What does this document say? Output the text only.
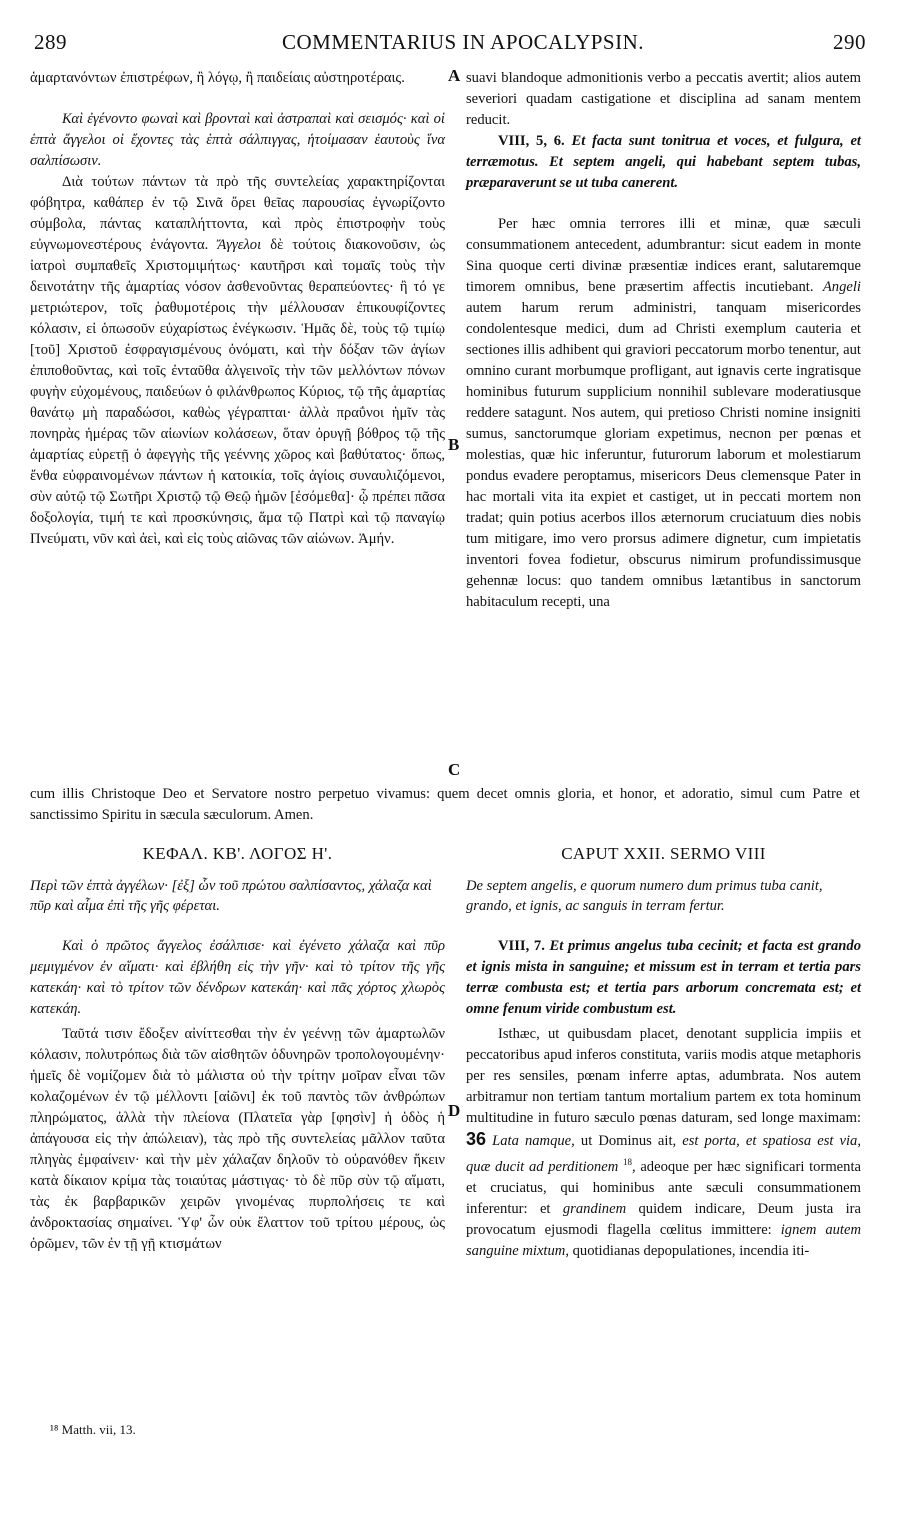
289	COMMENTARIUS IN APOCALYPSIN.	290

ἁμαρτανόντων ἐπιστρέφων, ἢ λόγῳ, ἢ παιδείαις αὐστηροτέραις.

Καὶ ἐγένοντο φωναὶ καὶ βρονταὶ καὶ ἀστραπαὶ καὶ σεισμός· καὶ οἱ ἑπτὰ ἄγγελοι οἱ ἔχοντες τὰς ἑπτὰ σάλπιγγας, ἡτοίμασαν ἑαυτοὺς ἵνα σαλπίσωσιν.

Διὰ τούτων πάντων τὰ πρὸ τῆς συντελείας χαρακτηρίζονται φόβητρα, καθάπερ ἐν τῷ Σινᾶ ὄρει θεῖας παρουσίας ἐγνωρίζοντο σύμβολα, πάντας καταπλήττοντα, καὶ πρὸς ἐπιστροφὴν τοὺς εὐγνωμονεστέρους ἐνάγοντα. Ἄγγελοι δὲ τούτοις διακονοῦσιν, ὡς ἰατροὶ συμπαθεῖς Χριστομιμήτως· καυτῆρσι καὶ τομαῖς τοὺς τὴν δεινοτάτην τῆς ἁμαρτίας νόσον ἀσθενοῦντας θεραπεύοντες· ἢ τό γε μετριώτερον, τοῖς ῥαθυμοτέροις τὴν μέλλουσαν ἐπικουφίζοντες κόλασιν, εἰ ὁπωσοῦν εὐχαρίστως ἐνέγκωσιν. Ἡμᾶς δὲ, τοὺς τῷ τιμίῳ [τοῦ] Χριστοῦ ἐσφραγισμένους ὀνόματι, καὶ τὴν δόξαν τῶν ἁγίων ἐπιποθοῦντας, καὶ τοῖς ἐνταῦθα ἀλγεινοῖς τὴν τῶν μελλόντων πόνων φυγὴν εὐχομένους, παιδεύων ὁ φιλάνθρωπος Κύριος, τῷ τῆς ἁμαρτίας θανάτῳ μὴ παραδώσοι, καθὼς γέγραπται· ἀλλὰ πραΰνοι ἡμῖν τὰς πονηρὰς ἡμέρας τῶν αἰωνίων κολάσεων, ὅταν ὀρυγῇ βόθρος τῷ τῆς ἁμαρτίας εὑρετῇ ὁ ἀφεγγὴς τῆς γεέννης χῶρος καὶ βαθύτατος· ὅπως, ἔνθα εὐφραινομένων πάντων ἡ κατοικία, τοῖς ἁγίοις συναυλιζόμενοι, σὺν αὐτῷ τῷ Σωτῆρι Χριστῷ τῷ Θεῷ ἡμῶν [ἐσόμεθα]· ᾧ πρέπει πᾶσα δοξολογία, τιμή τε καὶ προσκύνησις, ἅμα τῷ Πατρὶ καὶ τῷ παναγίῳ Πνεύματι, νῦν καὶ ἀεὶ, καὶ εἰς τοὺς αἰῶνας τῶν αἰώνων. Ἀμήν.

suavi blandoque admonitionis verbo a peccatis avertit; alios autem severiori quadam castigatione et disciplina ad sanam mentem reducit.

VIII, 5, 6. Et facta sunt tonitrua et voces, et fulgura, et terræmotus. Et septem angeli, qui habebant septem tubas, præparaverunt se ut tuba canerent.

Per hæc omnia terrores illi et minæ, quæ sæculi consummationem antecedent, adumbrantur: sicut eadem in monte Sina quoque certi divinæ præsentiæ indices erant, salutaremque timorem omnibus, bene præsertim affectis incutiebant. Angeli autem harum rerum administri, tanquam misericordes condolentesque medici, dum ad Christi exemplum cauteria et sectiones illis adhibent qui graviori peccatorum morbo tenentur, aut omnino curant morbumque profligant, aut ignavis certe ingratisque hominibus futurum supplicium nonnihil sublevare moderatiusque reddere satagunt. Nos autem, qui pretioso Christi nomine insigniti sumus, sanctorumque gloriam expetimus, necnon per pœnas et molestias, quæ hic inferuntur, futurorum laborum et molestiarum pondus evadere peroptamus, misericors Deus clemensque Pater in hac mortali vita ita expiet et castiget, ut in peccati mortem non tradat; quin potius acerbos illos æternorum cruciatuum dies nobis tum mitigare, imo vero prorsus adimere dignetur, cum impietatis inventori fovea fodietur, obscurus nimirum profundissimusque gehennæ locus: quo tandem omnibus lætantibus in sanctorum habitaculum recepti, una

A
B
C
D
cum illis Christoque Deo et Servatore nostro perpetuo vivamus: quem decet omnis gloria, et honor, et adoratio, simul cum Patre et sanctissimo Spiritu in sæcula sæculorum. Amen.
ΚΕΦΑΛ. ΚΒ'. ΛΟΓΟΣ Η'.	CAPUT XXII. SERMO VIII
Περὶ τῶν ἑπτὰ ἀγγέλων· [ἐξ] ὧν τοῦ πρώτου σαλπίσαντος, χάλαζα καὶ πῦρ καὶ αἷμα ἐπὶ τῆς γῆς φέρεται.
De septem angelis, e quorum numero dum primus tuba canit, grando, et ignis, ac sanguis in terram fertur.

Καὶ ὁ πρῶτος ἄγγελος ἐσάλπισε· καὶ ἐγένετο χάλαζα καὶ πῦρ μεμιγμένον ἐν αἵματι· καὶ ἐβλήθη εἰς τὴν γῆν· καὶ τὸ τρίτον τῆς γῆς κατεκάη· καὶ τὸ τρίτον τῶν δένδρων κατεκάη· καὶ πᾶς χόρτος χλωρὸς κατεκάη.

Ταῦτά τισιν ἔδοξεν αἰνίττεσθαι τὴν ἐν γεέννῃ τῶν ἁμαρτωλῶν κόλασιν, πολυτρόπως διὰ τῶν αἰσθητῶν ὀδυνηρῶν τροπολογουμένην· ἡμεῖς δὲ νομίζομεν διὰ τὸ μάλιστα οὐ τὴν τρίτην μοῖραν εἶναι τῶν κολαζομένων ἐν τῷ μέλλοντι [αἰῶνι] ἐκ τοῦ παντὸς τῶν ἀνθρώπων πληρώματος, ἀλλὰ τὴν πλείονα (Πλατεῖα γὰρ [φησὶν] ἡ ὁδὸς ἡ ἀπάγουσα εἰς τὴν ἀπώλειαν), τὰς πρὸ τῆς συντελείας μᾶλλον ταῦτα πληγὰς ἐμφαίνειν· καὶ τὴν μὲν χάλαζαν δηλοῦν τὸ οὐρανόθεν ἥκειν κατὰ δίκαιον κρίμα τὰς τοιαύτας μάστιγας· τὸ δὲ πῦρ σὺν τῷ αἵματι, τὰς ἐκ βαρβαρικῶν χειρῶν γινομένας πυρπολήσεις τε καὶ ἀνδροκτασίας σημαίνει. Ὑφ' ὧν οὐκ ἔλαττον τοῦ τρίτου μέρους, ὡς ὁρῶμεν, τῶν ἐν τῇ γῇ κτισμάτων

VIII, 7. Et primus angelus tuba cecinit; et facta est grando et ignis mista in sanguine; et missum est in terram et tertia pars terræ combusta est; et tertia pars arborum concremata est; et omne fenum viride combustum est.

Isthæc, ut quibusdam placet, denotant supplicia impiis et peccatoribus apud inferos constituta, variis modis atque metaphoris per res sensiles, pœnam inferre aptas, adumbrata. Nos autem arbitramur non tertiam tantum mortalium partem ex tota hominum multitudine in futuro sæculo pœnas daturam, sed longe maximam: 36 Lata namque, ut Dominus ait, est porta, et spatiosa est via, quæ ducit ad perditionem $^{18}$, adeoque per hæc significari tormenta et cruciatus, qui hominibus ante sæculi consummationem inferentur: et grandinem quidem indicare, Deum justa ira provocatum ejusmodi flagella cœlitus immittere: ignem autem sanguine mixtum, quotidianas depopulationes, incendia iti-

¹⁸ Matth. vii, 13.
